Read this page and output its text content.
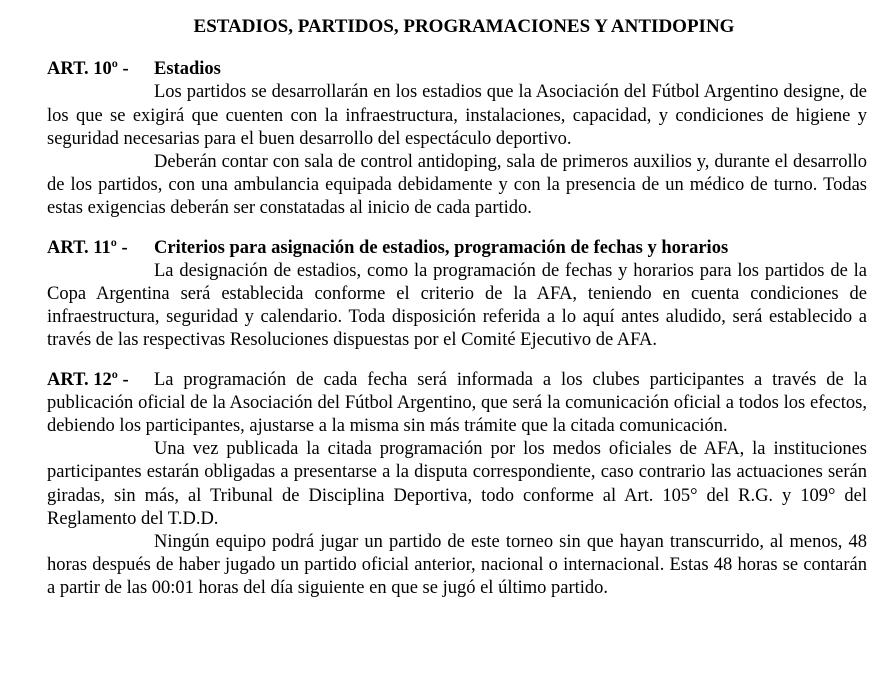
ESTADIOS, PARTIDOS, PROGRAMACIONES Y ANTIDOPING
ART. 10º - Estadios

Los partidos se desarrollarán en los estadios que la Asociación del Fútbol Argentino designe, de los que se exigirá que cuenten con la infraestructura, instalaciones, capacidad, y condiciones de higiene y seguridad necesarias para el buen desarrollo del espectáculo deportivo.

Deberán contar con sala de control antidoping, sala de primeros auxilios y, durante el desarrollo de los partidos, con una ambulancia equipada debidamente y con la presencia de un médico de turno. Todas estas exigencias deberán ser constatadas al inicio de cada partido.

ART. 11º - Criterios para asignación de estadios, programación de fechas y horarios

La designación de estadios, como la programación de fechas y horarios para los partidos de la Copa Argentina será establecida conforme el criterio de la AFA, teniendo en cuenta condiciones de infraestructura, seguridad y calendario. Toda disposición referida a lo aquí antes aludido, será establecido a través de las respectivas Resoluciones dispuestas por el Comité Ejecutivo de AFA.

ART. 12º - La programación de cada fecha será informada a los clubes participantes a través de la publicación oficial de la Asociación del Fútbol Argentino, que será la comunicación oficial a todos los efectos, debiendo los participantes, ajustarse a la misma sin más trámite que la citada comunicación.

Una vez publicada la citada programación por los medos oficiales de AFA, la instituciones participantes estarán obligadas a presentarse a la disputa correspondiente, caso contrario las actuaciones serán giradas, sin más, al Tribunal de Disciplina Deportiva, todo conforme al Art. 105° del R.G. y 109° del Reglamento del T.D.D.

Ningún equipo podrá jugar un partido de este torneo sin que hayan transcurrido, al menos, 48 horas después de haber jugado un partido oficial anterior, nacional o internacional. Estas 48 horas se contarán a partir de las 00:01 horas del día siguiente en que se jugó el último partido.
